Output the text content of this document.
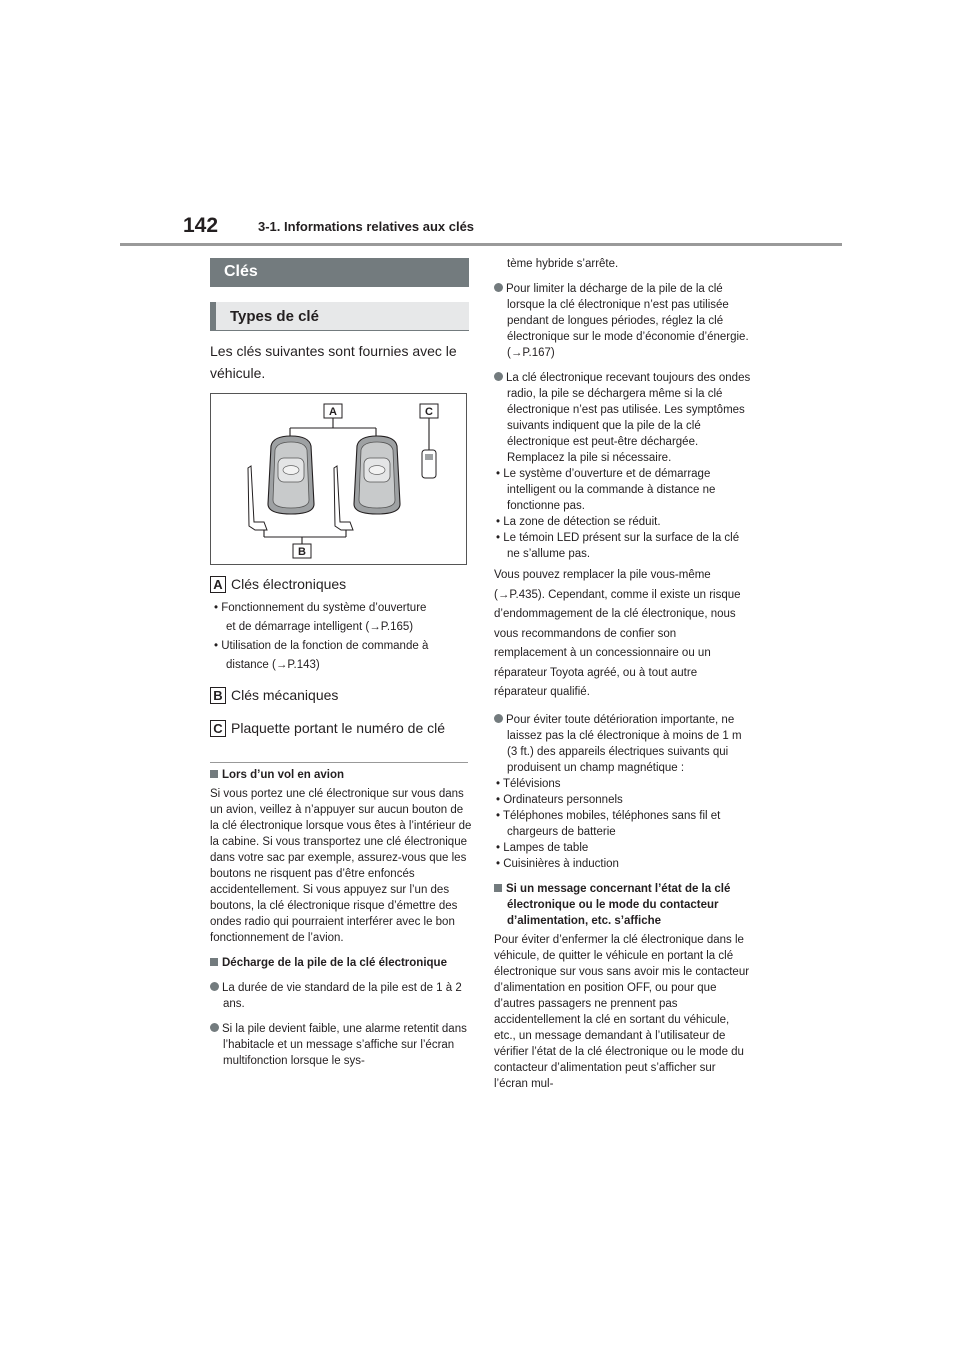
142	3-1. Informations relatives aux clés
Clés
Types de clé
Les clés suivantes sont fournies avec le véhicule.
A	C
B
A Clés électroniques
• Fonctionnement du système d’ouverture
et de démarrage intelligent (→P.165)
• Utilisation de la fonction de commande à
distance (→P.143)
B Clés mécaniques
C Plaquette portant le numéro de clé
Lors d’un vol en avion
Si vous portez une clé électronique sur vous dans un avion, veillez à n’appuyer sur aucun bouton de la clé électronique lorsque vous êtes à l’intérieur de la cabine. Si vous transportez une clé électronique dans votre sac par exemple, assurez-vous que les boutons ne risquent pas d’être enfoncés accidentellement. Si vous appuyez sur l’un des boutons, la clé électronique risque d’émettre des ondes radio qui pourraient interférer avec le bon fonctionnement de l’avion.
Décharge de la pile de la clé électronique
La durée de vie standard de la pile est de 1 à 2 ans.
Si la pile devient faible, une alarme retentit dans l’habitacle et un message s’affiche sur l’écran multifonction lorsque le sys-
tème hybride s’arrête.
Pour limiter la décharge de la pile de la clé lorsque la clé électronique n’est pas utilisée pendant de longues périodes, réglez la clé électronique sur le mode d’économie d’énergie. (→P.167)
La clé électronique recevant toujours des ondes radio, la pile se déchargera même si la clé électronique n’est pas utilisée. Les symptômes suivants indiquent que la pile de la clé électronique est peut-être déchargée. Remplacez la pile si nécessaire.
• Le système d’ouverture et de démarrage intelligent ou la commande à distance ne fonctionne pas.
• La zone de détection se réduit.
• Le témoin LED présent sur la surface de la clé ne s’allume pas.
Vous pouvez remplacer la pile vous-même (→P.435). Cependant, comme il existe un risque d’endommagement de la clé électronique, nous vous recommandons de confier son remplacement à un concessionnaire ou un réparateur Toyota agréé, ou à tout autre réparateur qualifié.
Pour éviter toute détérioration importante, ne laissez pas la clé électronique à moins de 1 m (3 ft.) des appareils électriques suivants qui produisent un champ magnétique :
• Télévisions
• Ordinateurs personnels
• Téléphones mobiles, téléphones sans fil et chargeurs de batterie
• Lampes de table
• Cuisinières à induction
Si un message concernant l’état de la clé électronique ou le mode du contacteur d’alimentation, etc. s’affiche
Pour éviter d’enfermer la clé électronique dans le véhicule, de quitter le véhicule en portant la clé électronique sur vous sans avoir mis le contacteur d’alimentation en position OFF, ou pour que d’autres passagers ne prennent pas accidentellement la clé en sortant du véhicule, etc., un message demandant à l’utilisateur de vérifier l’état de la clé électronique ou le mode du contacteur d’alimentation peut s’afficher sur l’écran mul-
